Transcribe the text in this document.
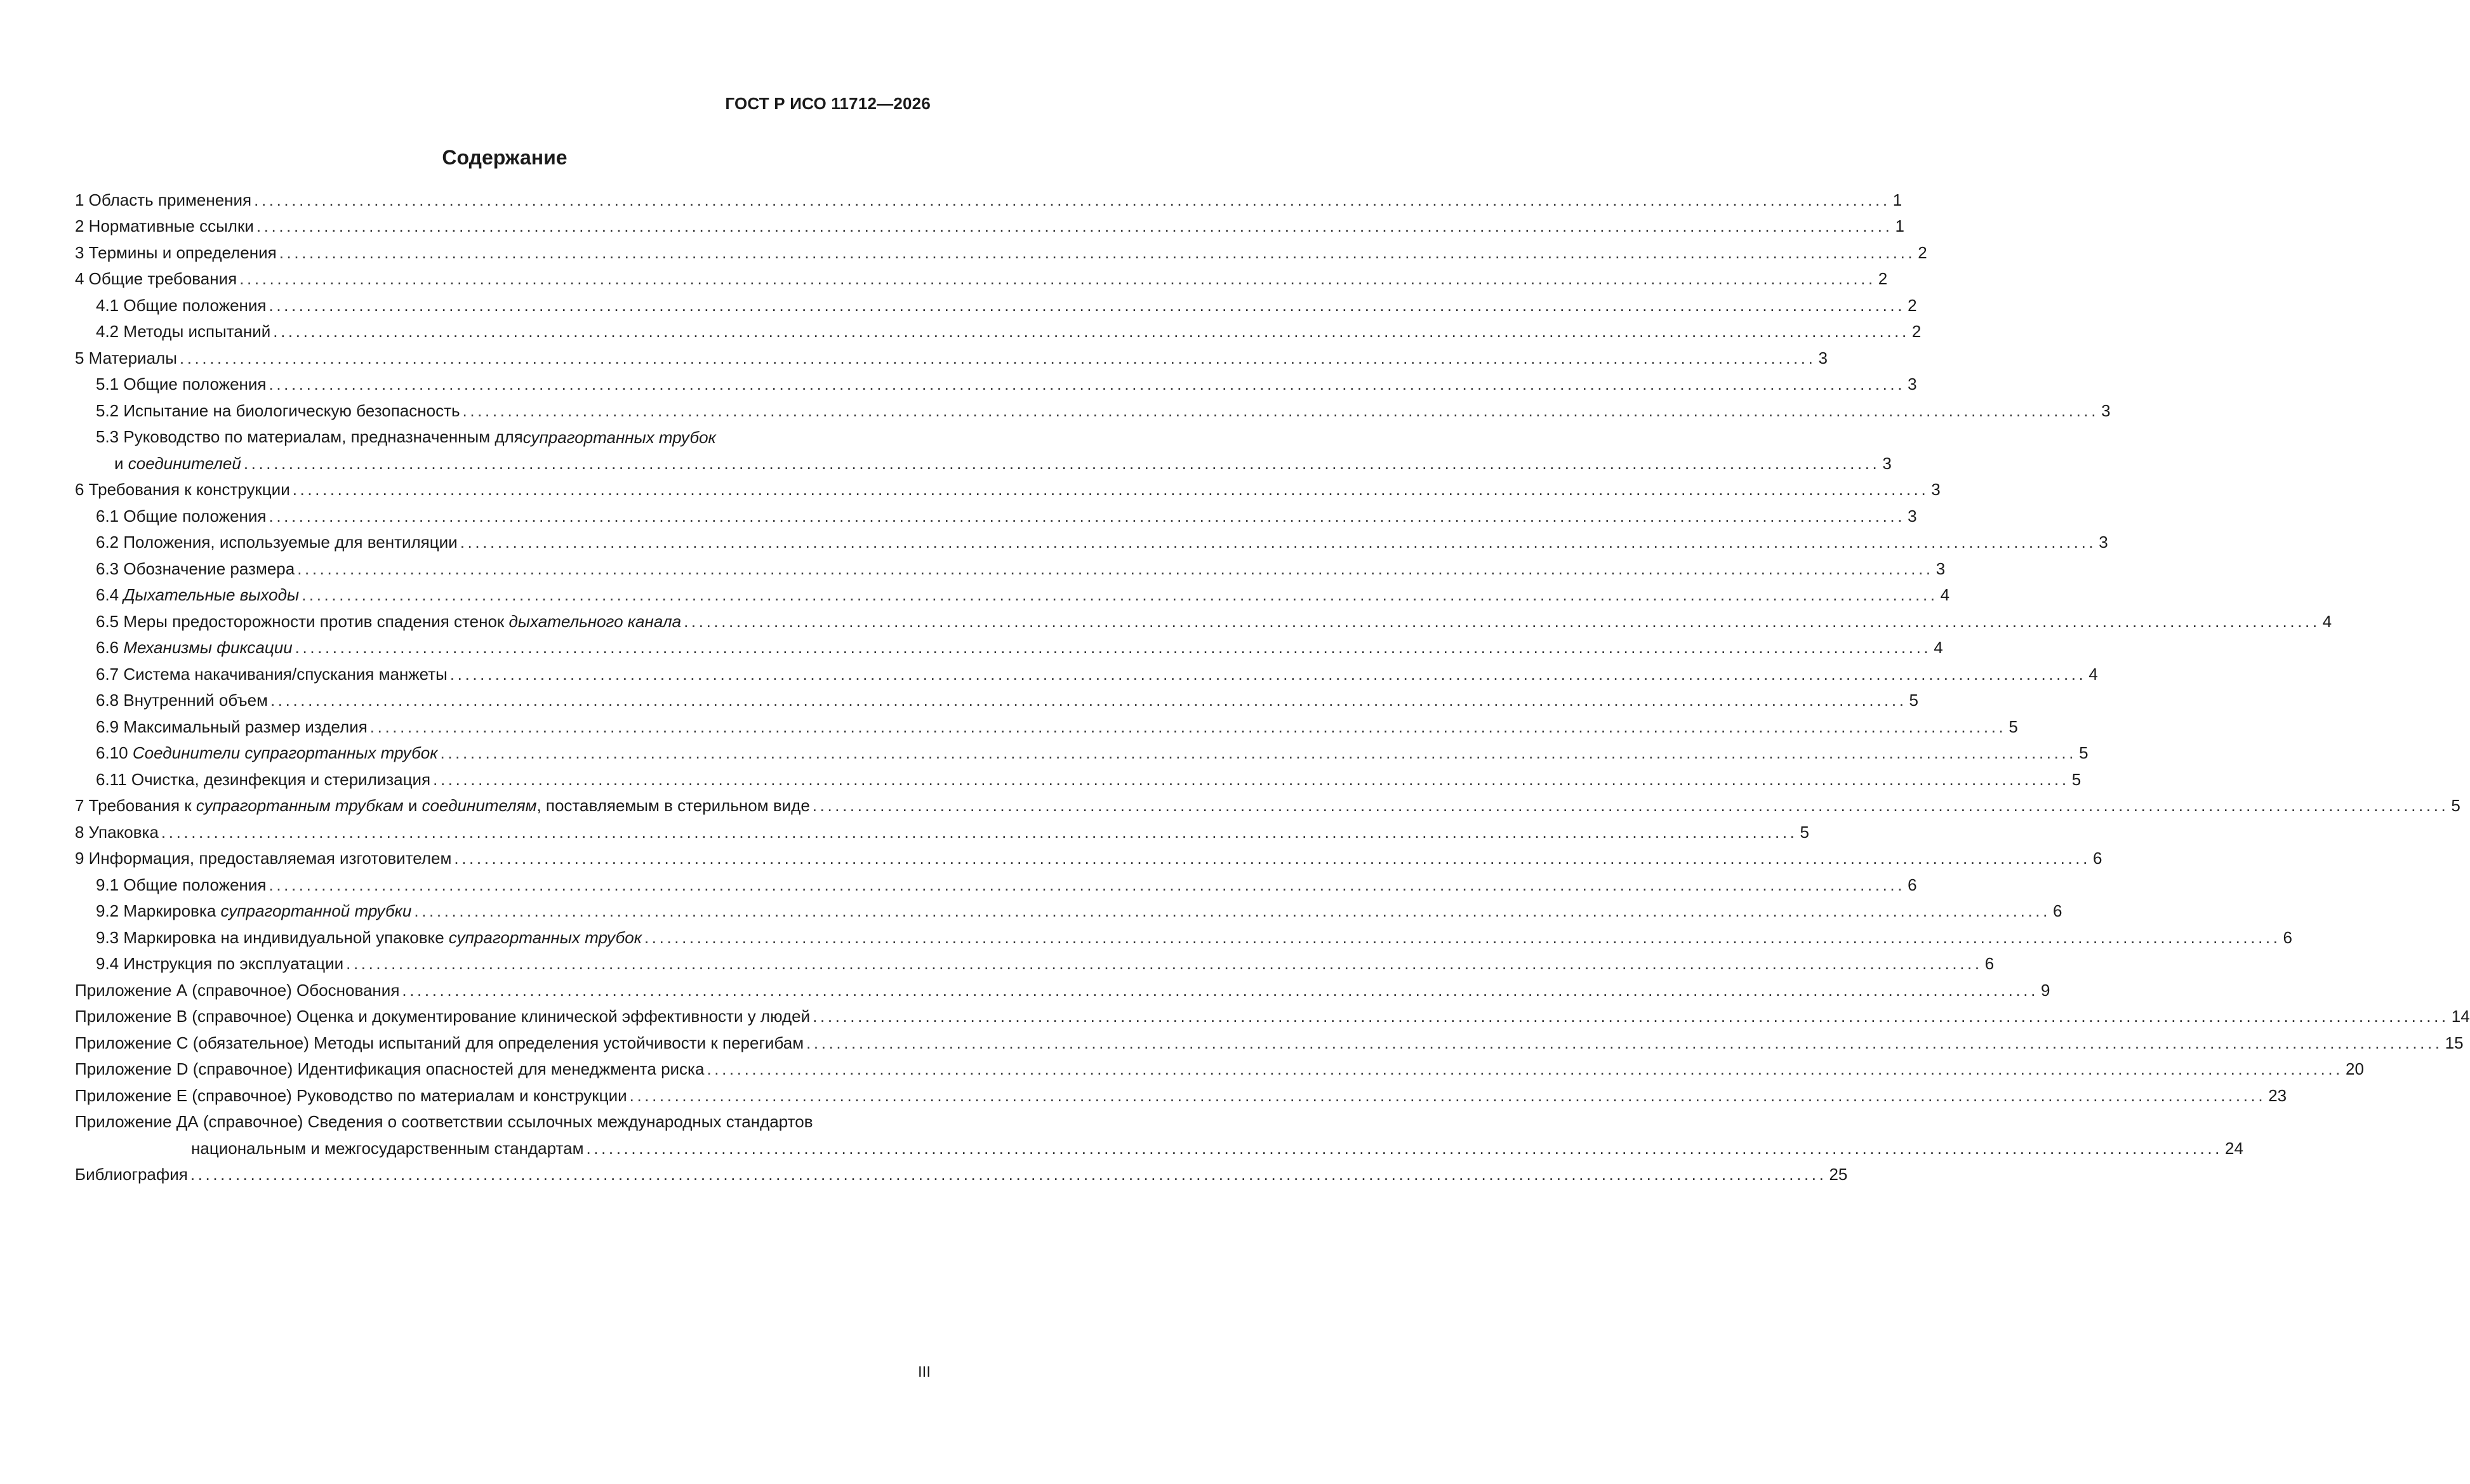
ГОСТ Р ИСО 11712—2026
Содержание
1 Область применения .......................................................................................................................................................................................................................... 1
2 Нормативные ссылки .......................................................................................................................................................................................................................... 1
3 Термины и определения .......................................................................................................................................................................................................................... 2
4 Общие требования .......................................................................................................................................................................................................................... 2
4.1 Общие положения .......................................................................................................................................................................................................................... 2
4.2 Методы испытаний .......................................................................................................................................................................................................................... 2
5 Материалы .......................................................................................................................................................................................................................... 3
5.1 Общие положения .......................................................................................................................................................................................................................... 3
5.2 Испытание на биологическую безопасность .......................................................................................................................................................................................................................... 3
5.3 Руководство по материалам, предназначенным для супрагортанных трубок
и соединителей .......................................................................................................................................................................................................................... 3
6 Требования к конструкции .......................................................................................................................................................................................................................... 3
6.1 Общие положения .......................................................................................................................................................................................................................... 3
6.2 Положения, используемые для вентиляции .......................................................................................................................................................................................................................... 3
6.3 Обозначение размера .......................................................................................................................................................................................................................... 3
6.4 Дыхательные выходы .......................................................................................................................................................................................................................... 4
6.5 Меры предосторожности против спадения стенок дыхательного канала .......................................................................................................................................................................................................................... 4
6.6 Механизмы фиксации .......................................................................................................................................................................................................................... 4
6.7 Система накачивания/спускания манжеты .......................................................................................................................................................................................................................... 4
6.8 Внутренний объем .......................................................................................................................................................................................................................... 5
6.9 Максимальный размер изделия .......................................................................................................................................................................................................................... 5
6.10 Соединители супрагортанных трубок .......................................................................................................................................................................................................................... 5
6.11 Очистка, дезинфекция и стерилизация .......................................................................................................................................................................................................................... 5
7 Требования к супрагортанным трубкам и соединителям, поставляемым в стерильном виде .......................................................................................................................................................................................................................... 5
8 Упаковка .......................................................................................................................................................................................................................... 5
9 Информация, предоставляемая изготовителем .......................................................................................................................................................................................................................... 6
9.1 Общие положения .......................................................................................................................................................................................................................... 6
9.2 Маркировка супрагортанной трубки .......................................................................................................................................................................................................................... 6
9.3 Маркировка на индивидуальной упаковке супрагортанных трубок .......................................................................................................................................................................................................................... 6
9.4 Инструкция по эксплуатации .......................................................................................................................................................................................................................... 6
Приложение А (справочное) Обоснования .......................................................................................................................................................................................................................... 9
Приложение В (справочное) Оценка и документирование клинической эффективности у людей .......................................................................................................................................................................................................................... 14
Приложение С (обязательное) Методы испытаний для определения устойчивости к перегибам .......................................................................................................................................................................................................................... 15
Приложение D (справочное) Идентификация опасностей для менеджмента риска .......................................................................................................................................................................................................................... 20
Приложение E (справочное) Руководство по материалам и конструкции .......................................................................................................................................................................................................................... 23
Приложение ДА (справочное) Сведения о соответствии ссылочных международных стандартов
национальным и межгосударственным стандартам .......................................................................................................................................................................................................................... 24
Библиография .......................................................................................................................................................................................................................... 25
III
